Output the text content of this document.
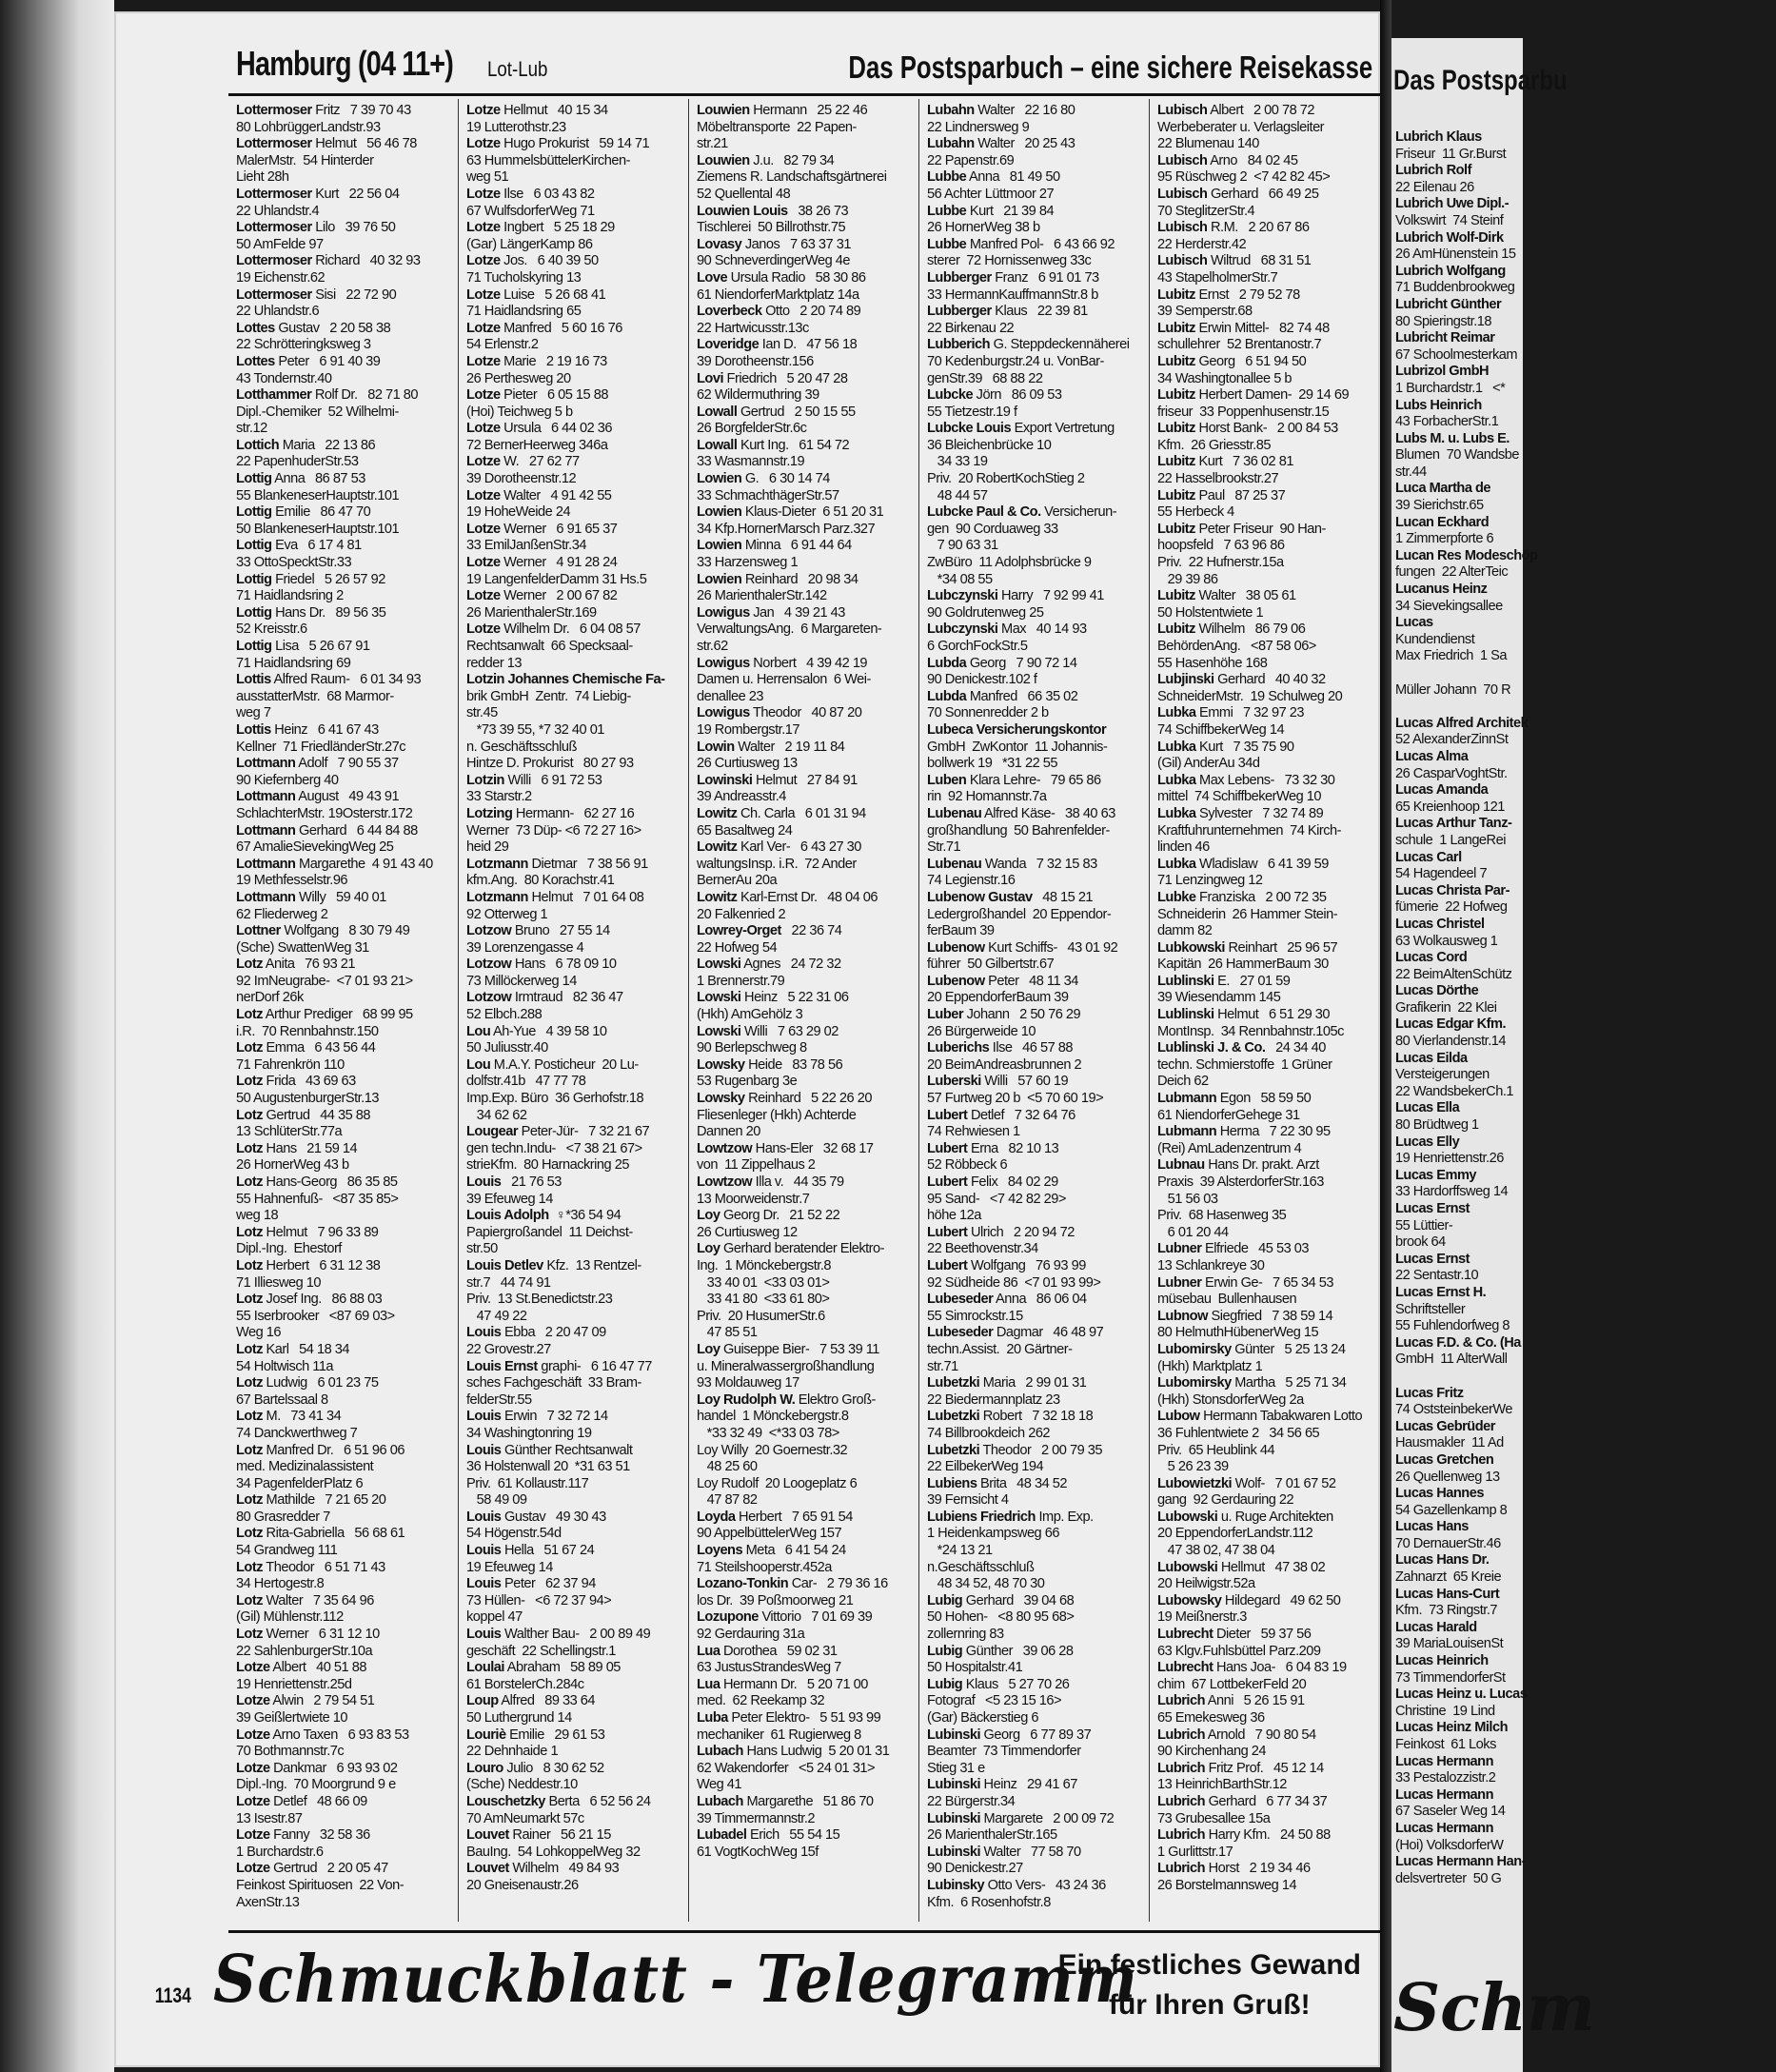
Hamburg (04 11+) Lot-Lub	Das Postsparbuch – eine sichere Reisekasse
Lottermoser Fritz   7 39 70 43
80 LohbrüggerLandstr.93
Lottermoser Helmut   56 46 78
MalerMstr.  54 Hinterder
Lieht 28h
Lottermoser Kurt   22 56 04
22 Uhlandstr.4
Lottermoser Lilo   39 76 50
50 AmFelde 97
Lottermoser Richard   40 32 93
19 Eichenstr.62
Lottermoser Sisi   22 72 90
22 Uhlandstr.6
Lottes Gustav   2 20 58 38
22 Schrötteringksweg 3
Lottes Peter   6 91 40 39
43 Tondernstr.40
Lotthammer Rolf Dr.   82 71 80
Dipl.-Chemiker  52 Wilhelmi-
str.12
Lottich Maria   22 13 86
22 PapenhuderStr.53
Lottig Anna   86 87 53
55 BlankeneserHauptstr.101
Lottig Emilie   86 47 70
50 BlankeneserHauptstr.101
Lottig Eva   6 17 4 81
33 OttoSpecktStr.33
Lottig Friedel   5 26 57 92
71 Haidlandsring 2
Lottig Hans Dr.   89 56 35
52 Kreisstr.6
Lottig Lisa   5 26 67 91
71 Haidlandsring 69
Lottis Alfred Raum-   6 01 34 93
ausstatterMstr.  68 Marmor-
weg 7
Lottis Heinz   6 41 67 43
Kellner  71 FriedländerStr.27c
Lottmann Adolf   7 90 55 37
90 Kiefernberg 40
Lottmann August   49 43 91
SchlachterMstr. 19Osterstr.172
Lottmann Gerhard   6 44 84 88
67 AmalieSievekingWeg 25
Lottmann Margarethe  4 91 43 40
19 Methfesselstr.96
Lottmann Willy   59 40 01
62 Fliederweg 2
Lottner Wolfgang   8 30 79 49
(Sche) SwattenWeg 31
Lotz Anita   76 93 21
92 ImNeugrabe-  <7 01 93 21>
nerDorf 26k
Lotz Arthur Prediger   68 99 95
i.R.  70 Rennbahnstr.150
Lotz Emma   6 43 56 44
71 Fahrenkrön 110
Lotz Frida   43 69 63
50 AugustenburgerStr.13
Lotz Gertrud   44 35 88
13 SchlüterStr.77a
Lotz Hans   21 59 14
26 HornerWeg 43 b
Lotz Hans-Georg   86 35 85
55 Hahnenfuß-   <87 35 85>
weg 18
Lotz Helmut   7 96 33 89
Dipl.-Ing.  Ehestorf
Lotz Herbert   6 31 12 38
71 Illiesweg 10
Lotz Josef Ing.   86 88 03
55 Iserbrooker   <87 69 03>
Weg 16
Lotz Karl   54 18 34
54 Holtwisch 11a
Lotz Ludwig   6 01 23 75
67 Bartelssaal 8
Lotz M.   73 41 34
74 Danckwerthweg 7
Lotz Manfred Dr.   6 51 96 06
med. Medizinalassistent
34 PagenfelderPlatz 6
Lotz Mathilde   7 21 65 20
80 Grasredder 7
Lotz Rita-Gabriella   56 68 61
54 Grandweg 111
Lotz Theodor   6 51 71 43
34 Hertogestr.8
Lotz Walter   7 35 64 96
(Gil) Mühlenstr.112
Lotz Werner   6 31 12 10
22 SahlenburgerStr.10a
Lotze Albert   40 51 88
19 Henriettenstr.25d
Lotze Alwin   2 79 54 51
39 Geißlertwiete 10
Lotze Arno Taxen   6 93 83 53
70 Bothmannstr.7c
Lotze Dankmar   6 93 93 02
Dipl.-Ing.  70 Moorgrund 9 e
Lotze Detlef   48 66 09
13 Isestr.87
Lotze Fanny   32 58 36
1 Burchardstr.6
Lotze Gertrud   2 20 05 47
Feinkost Spirituosen  22 Von-
AxenStr.13
Lotze Hellmut   40 15 34
19 Lutterothstr.23
Lotze Hugo Prokurist   59 14 71
63 HummelsbüttelerKirchen-
weg 51
Lotze Ilse   6 03 43 82
67 WulfsdorferWeg 71
Lotze Ingbert   5 25 18 29
(Gar) LängerKamp 86
Lotze Jos.   6 40 39 50
71 Tucholskyring 13
Lotze Luise   5 26 68 41
71 Haidlandsring 65
Lotze Manfred   5 60 16 76
54 Erlenstr.2
Lotze Marie   2 19 16 73
26 Perthesweg 20
Lotze Pieter   6 05 15 88
(Hoi) Teichweg 5 b
Lotze Ursula   6 44 02 36
72 BernerHeerweg 346a
Lotze W.   27 62 77
39 Dorotheenstr.12
Lotze Walter   4 91 42 55
19 HoheWeide 24
Lotze Werner   6 91 65 37
33 EmilJanßenStr.34
Lotze Werner   4 91 28 24
19 LangenfelderDamm 31 Hs.5
Lotze Werner   2 00 67 82
26 MarienthalerStr.169
Lotze Wilhelm Dr.   6 04 08 57
Rechtsanwalt  66 Specksaal-
redder 13
Lotzin Johannes Chemische Fa-
brik GmbH  Zentr.  74 Liebig-
str.45
*73 39 55, *7 32 40 01
n. Geschäftsschluß
Hintze D. Prokurist   80 27 93
Lotzin Willi   6 91 72 53
33 Starstr.2
Lotzing Hermann-   62 27 16
Werner  73 Düp- <6 72 27 16>
heid 29
Lotzmann Dietmar   7 38 56 91
kfm.Ang.  80 Korachstr.41
Lotzmann Helmut   7 01 64 08
92 Otterweg 1
Lotzow Bruno   27 55 14
39 Lorenzengasse 4
Lotzow Hans   6 78 09 10
73 Millöckerweg 14
Lotzow Irmtraud   82 36 47
52 Elbch.288
Lou Ah-Yue   4 39 58 10
50 Juliusstr.40
Lou M.A.Y. Posticheur  20 Lu-
dolfstr.41b   47 77 78
Imp.Exp. Büro  36 Gerhofstr.18
34 62 62
Lougear Peter-Jür-   7 32 21 67
gen techn.Indu-   <7 38 21 67>
strieKfm.  80 Harnackring 25
Louis   21 76 53
39 Efeuweg 14
Louis Adolph  ♀*36 54 94
Papiergroßandel  11 Deichst-
str.50
Louis Detlev Kfz.  13 Rentzel-
str.7   44 74 91
Priv.  13 St.Benedictstr.23
47 49 22
Louis Ebba   2 20 47 09
22 Grovestr.27
Louis Ernst graphi-   6 16 47 77
sches Fachgeschäft  33 Bram-
felderStr.55
Louis Erwin   7 32 72 14
34 Washingtonring 19
Louis Günther Rechtsanwalt
36 Holstenwall 20  *31 63 51
Priv.  61 Kollaustr.117
58 49 09
Louis Gustav   49 30 43
54 Högenstr.54d
Louis Hella   51 67 24
19 Efeuweg 14
Louis Peter   62 37 94
73 Hüllen-   <6 72 37 94>
koppel 47
Louis Walther Bau-   2 00 89 49
geschäft  22 Schellingstr.1
Loulai Abraham   58 89 05
61 BorstelerCh.284c
Loup Alfred   89 33 64
50 Luthergrund 14
Louriè Emilie   29 61 53
22 Dehnhaide 1
Louro Julio   8 30 62 52
(Sche) Neddestr.10
Louschetzky Berta   6 52 56 24
70 AmNeumarkt 57c
Louvet Rainer   56 21 15
BauIng.  54 LohkoppelWeg 32
Louvet Wilhelm   49 84 93
20 Gneisenaustr.26
Louwien Hermann   25 22 46
Möbeltransporte  22 Papen-
str.21
Louwien J.u.   82 79 34
Ziemens R. Landschaftsgärtnerei
52 Quellental 48
Louwien Louis   38 26 73
Tischlerei  50 Billrothstr.75
Lovasy Janos   7 63 37 31
90 SchneverdingerWeg 4e
Love Ursula Radio   58 30 86
61 NiendorferMarktplatz 14a
Loverbeck Otto   2 20 74 89
22 Hartwicusstr.13c
Loveridge Ian D.   47 56 18
39 Dorotheenstr.156
Lovi Friedrich   5 20 47 28
62 Wildermuthring 39
Lowall Gertrud   2 50 15 55
26 BorgfelderStr.6c
Lowall Kurt Ing.   61 54 72
33 Wasmannstr.19
Lowien G.   6 30 14 74
33 SchmachthägerStr.57
Lowien Klaus-Dieter  6 51 20 31
34 Kfp.HornerMarsch Parz.327
Lowien Minna   6 91 44 64
33 Harzensweg 1
Lowien Reinhard   20 98 34
26 MarienthalerStr.142
Lowigus Jan   4 39 21 43
VerwaltungsAng.  6 Margareten-
str.62
Lowigus Norbert   4 39 42 19
Damen u. Herrensalon  6 Wei-
denallee 23
Lowigus Theodor   40 87 20
19 Rombergstr.17
Lowin Walter   2 19 11 84
26 Curtiusweg 13
Lowinski Helmut   27 84 91
39 Andreasstr.4
Lowitz Ch. Carla   6 01 31 94
65 Basaltweg 24
Lowitz Karl Ver-   6 43 27 30
waltungsInsp. i.R.  72 Ander
BernerAu 20a
Lowitz Karl-Ernst Dr.   48 04 06
20 Falkenried 2
Lowrey-Orget   22 36 74
22 Hofweg 54
Lowski Agnes   24 72 32
1 Brennerstr.79
Lowski Heinz   5 22 31 06
(Hkh) AmGehölz 3
Lowski Willi   7 63 29 02
90 Berlepschweg 8
Lowsky Heide   83 78 56
53 Rugenbarg 3e
Lowsky Reinhard   5 22 26 20
Fliesenleger (Hkh) Achterde
Dannen 20
Lowtzow Hans-Eler   32 68 17
von  11 Zippelhaus 2
Lowtzow Illa v.   44 35 79
13 Moorweidenstr.7
Loy Georg Dr.   21 52 22
26 Curtiusweg 12
Loy Gerhard beratender Elektro-
Ing.  1 Mönckebergstr.8
33 40 01  <33 03 01>
33 41 80  <33 61 80>
Priv.  20 HusumerStr.6
47 85 51
Loy Guiseppe Bier-   7 53 39 11
u. Mineralwassergroßhandlung
93 Moldauweg 17
Loy Rudolph W. Elektro Groß-
handel  1 Mönckebergstr.8
*33 32 49  <*33 03 78>
Loy Willy  20 Goernestr.32
48 25 60
Loy Rudolf  20 Loogeplatz 6
47 87 82
Loyda Herbert   7 65 91 54
90 AppelbüttelerWeg 157
Loyens Meta   6 41 54 24
71 Steilshooperstr.452a
Lozano-Tonkin Car-   2 79 36 16
los Dr.  39 Poßmoorweg 21
Lozupone Vittorio   7 01 69 39
92 Gerdauring 31a
Lua Dorothea   59 02 31
63 JustusStrandesWeg 7
Lua Hermann Dr.   5 20 71 00
med.  62 Reekamp 32
Luba Peter Elektro-   5 51 93 99
mechaniker  61 Rugierweg 8
Lubach Hans Ludwig  5 20 01 31
62 Wakendorfer   <5 24 01 31>
Weg 41
Lubach Margarethe   51 86 70
39 Timmermannstr.2
Lubadel Erich   55 54 15
61 VogtKochWeg 15f
Lubahn Walter   22 16 80
22 Lindnersweg 9
Lubahn Walter   20 25 43
22 Papenstr.69
Lubbe Anna   81 49 50
56 Achter Lüttmoor 27
Lubbe Kurt   21 39 84
26 HornerWeg 38 b
Lubbe Manfred Pol-   6 43 66 92
sterer  72 Hornissenweg 33c
Lubberger Franz   6 91 01 73
33 HermannKauffmannStr.8 b
Lubberger Klaus   22 39 81
22 Birkenau 22
Lubberich G. Steppdeckennäherei
70 Kedenburgstr.24 u. VonBar-
genStr.39   68 88 22
Lubcke Jörn   86 09 53
55 Tietzestr.19 f
Lubcke Louis Export Vertretung
36 Bleichenbrücke 10
34 33 19
Priv.  20 RobertKochStieg 2
48 44 57
Lubcke Paul & Co. Versicherun-
gen  90 Corduaweg 33
7 90 63 31
ZwBüro  11 Adolphsbrücke 9
*34 08 55
Lubczynski Harry   7 92 99 41
90 Goldrutenweg 25
Lubczynski Max   40 14 93
6 GorchFockStr.5
Lubda Georg   7 90 72 14
90 Denickestr.102 f
Lubda Manfred   66 35 02
70 Sonnenredder 2 b
Lubeca Versicherungskontor
GmbH  ZwKontor  11 Johannis-
bollwerk 19   *31 22 55
Luben Klara Lehre-   79 65 86
rin  92 Homannstr.7a
Lubenau Alfred Käse-   38 40 63
großhandlung  50 Bahrenfelder-
Str.71
Lubenau Wanda   7 32 15 83
74 Legienstr.16
Lubenow Gustav   48 15 21
Ledergroßhandel  20 Eppendor-
ferBaum 39
Lubenow Kurt Schiffs-   43 01 92
führer  50 Gilbertstr.67
Lubenow Peter   48 11 34
20 EppendorferBaum 39
Luber Johann   2 50 76 29
26 Bürgerweide 10
Luberichs Ilse   46 57 88
20 BeimAndreasbrunnen 2
Luberski Willi   57 60 19
57 Furtweg 20 b  <5 70 60 19>
Lubert Detlef   7 32 64 76
74 Rehwiesen 1
Lubert Erna   82 10 13
52 Röbbeck 6
Lubert Felix   84 02 29
95 Sand-   <7 42 82 29>
höhe 12a
Lubert Ulrich   2 20 94 72
22 Beethovenstr.34
Lubert Wolfgang   76 93 99
92 Südheide 86  <7 01 93 99>
Lubeseder Anna   86 06 04
55 Simrockstr.15
Lubeseder Dagmar   46 48 97
techn.Assist.  20 Gärtner-
str.71
Lubetzki Maria   2 99 01 31
22 Biedermannplatz 23
Lubetzki Robert   7 32 18 18
74 Billbrookdeich 262
Lubetzki Theodor   2 00 79 35
22 EilbekerWeg 194
Lubiens Brita   48 34 52
39 Fernsicht 4
Lubiens Friedrich Imp. Exp.
1 Heidenkampsweg 66
*24 13 21
n.Geschäftsschluß
48 34 52, 48 70 30
Lubig Gerhard   39 04 68
50 Hohen-   <8 80 95 68>
zollernring 83
Lubig Günther   39 06 28
50 Hospitalstr.41
Lubig Klaus   5 27 70 26
Fotograf   <5 23 15 16>
(Gar) Bäckerstieg 6
Lubinski Georg   6 77 89 37
Beamter  73 Timmendorfer
Stieg 31 e
Lubinski Heinz   29 41 67
22 Bürgerstr.34
Lubinski Margarete   2 00 09 72
26 MarienthalerStr.165
Lubinski Walter   77 58 70
90 Denickestr.27
Lubinsky Otto Vers-   43 24 36
Kfm.  6 Rosenhofstr.8
Lubisch Albert   2 00 78 72
Werbeberater u. Verlagsleiter
22 Blumenau 140
Lubisch Arno   84 02 45
95 Rüschweg 2  <7 42 82 45>
Lubisch Gerhard   66 49 25
70 SteglitzerStr.4
Lubisch R.M.   2 20 67 86
22 Herderstr.42
Lubisch Wiltrud   68 31 51
43 StapelholmerStr.7
Lubitz Ernst   2 79 52 78
39 Semperstr.68
Lubitz Erwin Mittel-   82 74 48
schullehrer  52 Brentanostr.7
Lubitz Georg   6 51 94 50
34 Washingtonallee 5 b
Lubitz Herbert Damen-  29 14 69
friseur  33 Poppenhusenstr.15
Lubitz Horst Bank-   2 00 84 53
Kfm.  26 Griesstr.85
Lubitz Kurt   7 36 02 81
22 Hasselbrookstr.27
Lubitz Paul   87 25 37
55 Herbeck 4
Lubitz Peter Friseur  90 Han-
hoopsfeld   7 63 96 86
Priv.  22 Hufnerstr.15a
29 39 86
Lubitz Walter   38 05 61
50 Holstentwiete 1
Lubitz Wilhelm   86 79 06
BehördenAng.   <87 58 06>
55 Hasenhöhe 168
Lubjinski Gerhard   40 40 32
SchneiderMstr.  19 Schulweg 20
Lubka Emmi   7 32 97 23
74 SchiffbekerWeg 14
Lubka Kurt   7 35 75 90
(Gil) AnderAu 34d
Lubka Max Lebens-   73 32 30
mittel  74 SchiffbekerWeg 10
Lubka Sylvester   7 32 74 89
Kraftfuhrunternehmen  74 Kirch-
linden 46
Lubka Wladislaw   6 41 39 59
71 Lenzingweg 12
Lubke Franziska   2 00 72 35
Schneiderin  26 Hammer Stein-
damm 82
Lubkowski Reinhart   25 96 57
Kapitän  26 HammerBaum 30
Lublinski E.   27 01 59
39 Wiesendamm 145
Lublinski Helmut   6 51 29 30
MontInsp.  34 Rennbahnstr.105c
Lublinski J. & Co.   24 34 40
techn. Schmierstoffe  1 Grüner
Deich 62
Lubmann Egon   58 59 50
61 NiendorferGehege 31
Lubmann Herma   7 22 30 95
(Rei) AmLadenzentrum 4
Lubnau Hans Dr. prakt. Arzt
Praxis  39 AlsterdorferStr.163
51 56 03
Priv.  68 Hasenweg 35
6 01 20 44
Lubner Elfriede   45 53 03
13 Schlankreye 30
Lubner Erwin Ge-   7 65 34 53
müsebau  Bullenhausen
Lubnow Siegfried   7 38 59 14
80 HelmuthHübenerWeg 15
Lubomirsky Günter   5 25 13 24
(Hkh) Marktplatz 1
Lubomirsky Martha   5 25 71 34
(Hkh) StonsdorferWeg 2a
Lubow Hermann Tabakwaren Lotto
36 Fuhlentwiete 2   34 56 65
Priv.  65 Heublink 44
5 26 23 39
Lubowietzki Wolf-   7 01 67 52
gang  92 Gerdauring 22
Lubowski u. Ruge Architekten
20 EppendorferLandstr.112
47 38 02, 47 38 04
Lubowski Hellmut   47 38 02
20 Heilwigstr.52a
Lubowsky Hildegard   49 62 50
19 Meißnerstr.3
Lubrecht Dieter   59 37 56
63 Klgv.Fuhlsbüttel Parz.209
Lubrecht Hans Joa-   6 04 83 19
chim  67 LottbekerFeld 20
Lubrich Anni   5 26 15 91
65 Emekesweg 36
Lubrich Arnold   7 90 80 54
90 Kirchenhang 24
Lubrich Fritz Prof.   45 12 14
13 HeinrichBarthStr.12
Lubrich Gerhard   6 77 34 37
73 Grubesallee 15a
Lubrich Harry Kfm.   24 50 88
1 Gurlittstr.17
Lubrich Horst   2 19 34 46
26 Borstelmannsweg 14
1134 Schmuckblatt - Telegramm
Ein festliches Gewand
für Ihren Gruß!
Das Postsparbu
Lubrich Klaus
Friseur  11 Gr.Burst
Lubrich Rolf
22 Eilenau 26
Lubrich Uwe Dipl.-
Volkswirt  74 Steinf
Lubrich Wolf-Dirk
26 AmHünenstein 15
Lubrich Wolfgang
71 Buddenbrookweg
Lubricht Günther
80 Spieringstr.18
Lubricht Reimar
67 Schoolmesterkam
Lubrizol GmbH
1 Burchardstr.1   <*
Lubs Heinrich
43 ForbacherStr.1
Lubs M. u. Lubs E.
Blumen  70 Wandsbe
str.44
Luca Martha de
39 Sierichstr.65
Lucan Eckhard
1 Zimmerpforte 6
Lucan Res Modeschöp
fungen  22 AlterTeic
Lucanus Heinz
34 Sievekingsallee
Lucas
Kundendienst
Max Friedrich  1 Sa

Müller Johann  70 R

Lucas Alfred Architek
52 AlexanderZinnSt
Lucas Alma
26 CasparVoghtStr.
Lucas Amanda
65 Kreienhoop 121
Lucas Arthur Tanz-
schule  1 LangeRei
Lucas Carl
54 Hagendeel 7
Lucas Christa Par-
fümerie  22 Hofweg
Lucas Christel
63 Wolkausweg 1
Lucas Cord
22 BeimAltenSchütz
Lucas Dörthe
Grafikerin  22 Klei
Lucas Edgar Kfm.
80 Vierlandenstr.14
Lucas Eilda
Versteigerungen
22 WandsbekerCh.1
Lucas Ella
80 Brüdtweg 1
Lucas Elly
19 Henriettenstr.26
Lucas Emmy
33 Hardorffsweg 14
Lucas Ernst
55 Lüttier-
brook 64
Lucas Ernst
22 Sentastr.10
Lucas Ernst H.
Schriftsteller
55 Fuhlendorfweg 8
Lucas F.D. & Co. (Ha
GmbH  11 AlterWall

Lucas Fritz
74 OststeinbekerWe
Lucas Gebrüder
Hausmakler  11 Ad
Lucas Gretchen
26 Quellenweg 13
Lucas Hannes
54 Gazellenkamp 8
Lucas Hans
70 DernauerStr.46
Lucas Hans Dr.
Zahnarzt  65 Kreie
Lucas Hans-Curt
Kfm.  73 Ringstr.7
Lucas Harald
39 MariaLouisenSt
Lucas Heinrich
73 TimmendorferSt
Lucas Heinz u. Lucas
Christine  19 Lind
Lucas Heinz Milch
Feinkost  61 Loks
Lucas Hermann
33 Pestalozzistr.2
Lucas Hermann
67 Saseler Weg 14
Lucas Hermann
(Hoi) VolksdorferW
Lucas Hermann Han-
delsvertreter  50 G
Schm
